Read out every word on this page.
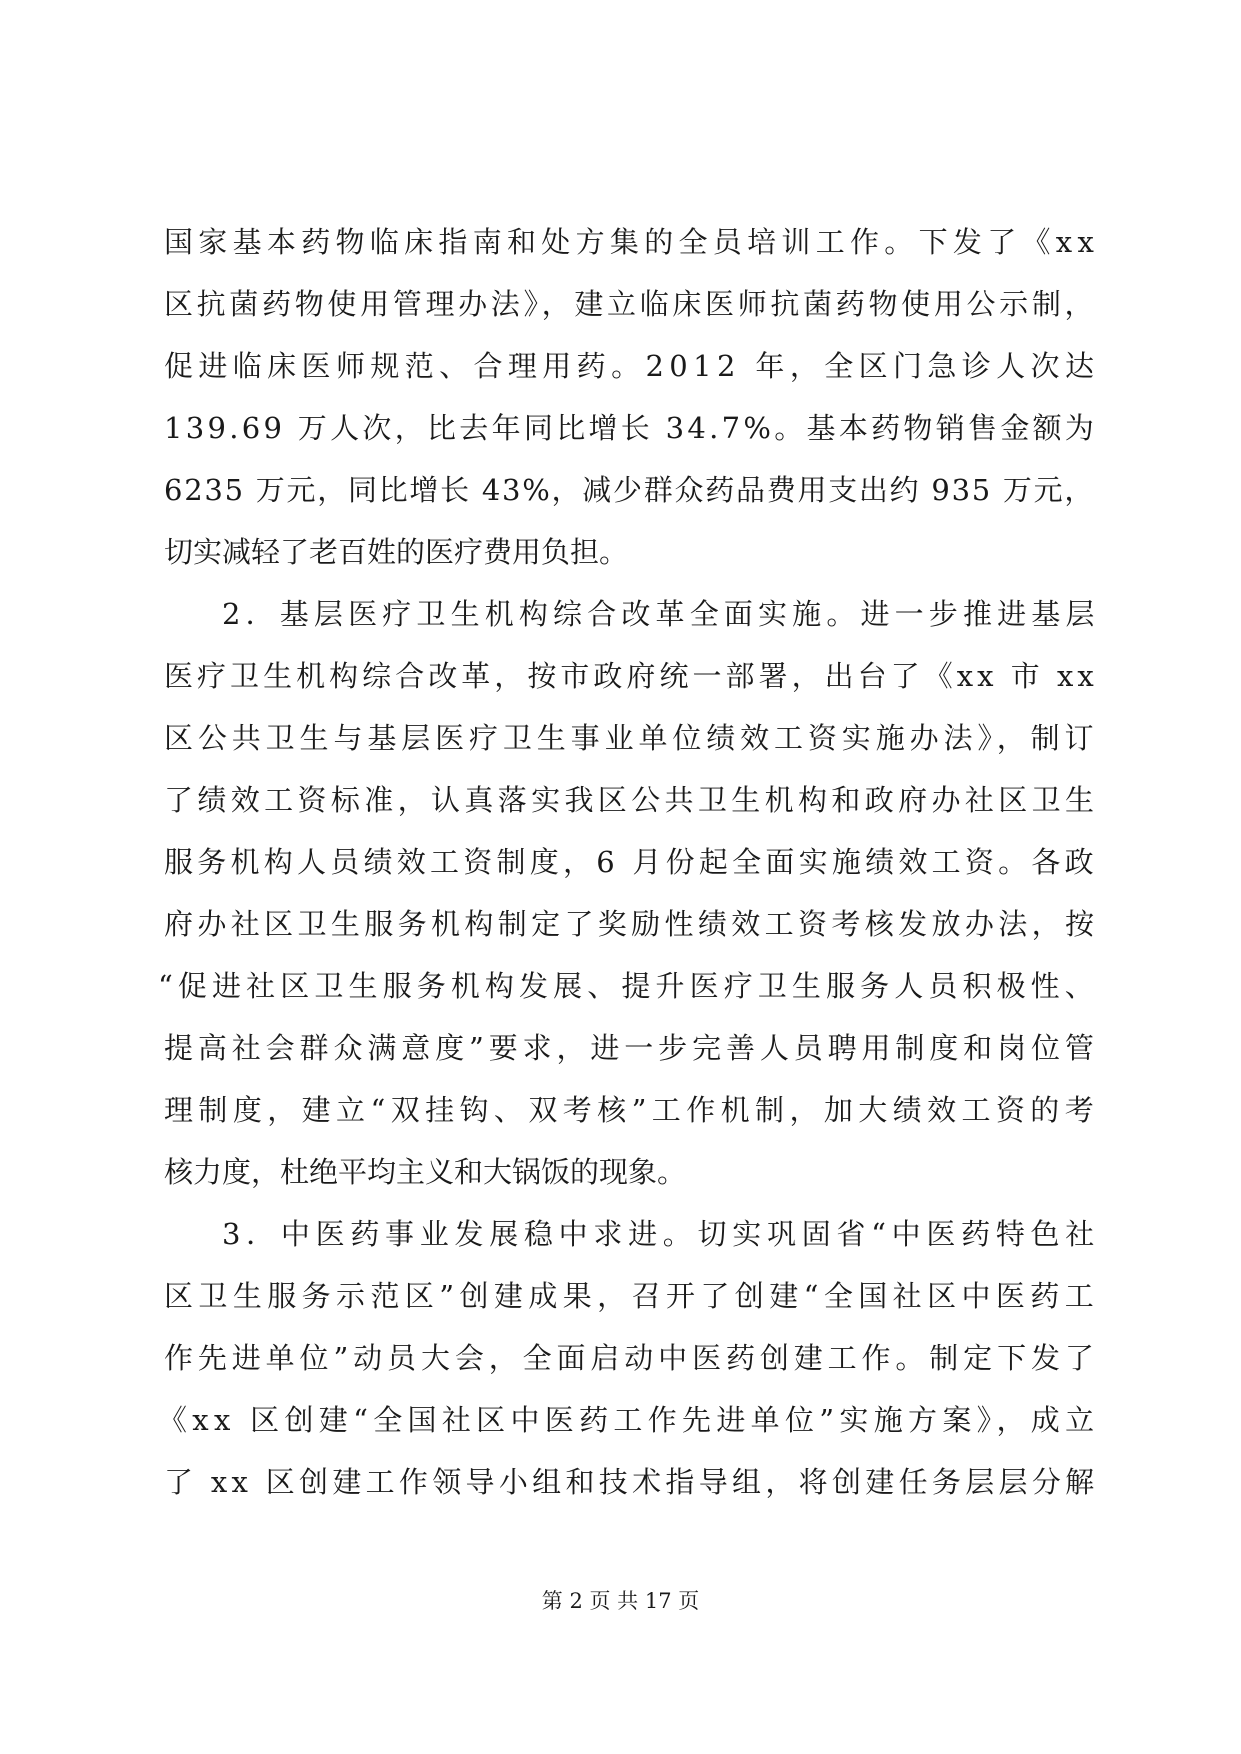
国家基本药物临床指南和处方集的全员培训工作。下发了《xx
区抗菌药物使用管理办法》，建立临床医师抗菌药物使用公示制，
促进临床医师规范、合理用药。2012 年，全区门急诊人次达
139.69 万人次，比去年同比增长 34.7%。基本药物销售金额为
6235 万元，同比增长 43%，减少群众药品费用支出约 935 万元，
切实减轻了老百姓的医疗费用负担。
2．基层医疗卫生机构综合改革全面实施。进一步推进基层
医疗卫生机构综合改革，按市政府统一部署，出台了《xx 市 xx
区公共卫生与基层医疗卫生事业单位绩效工资实施办法》，制订
了绩效工资标准，认真落实我区公共卫生机构和政府办社区卫生
服务机构人员绩效工资制度，6 月份起全面实施绩效工资。各政
府办社区卫生服务机构制定了奖励性绩效工资考核发放办法，按
“促进社区卫生服务机构发展、提升医疗卫生服务人员积极性、
提高社会群众满意度”要求，进一步完善人员聘用制度和岗位管
理制度，建立“双挂钩、双考核”工作机制，加大绩效工资的考
核力度，杜绝平均主义和大锅饭的现象。
3．中医药事业发展稳中求进。切实巩固省“中医药特色社
区卫生服务示范区”创建成果，召开了创建“全国社区中医药工
作先进单位”动员大会，全面启动中医药创建工作。制定下发了
《xx 区创建“全国社区中医药工作先进单位”实施方案》，成立
了 xx 区创建工作领导小组和技术指导组，将创建任务层层分解
第 2 页 共 17 页
